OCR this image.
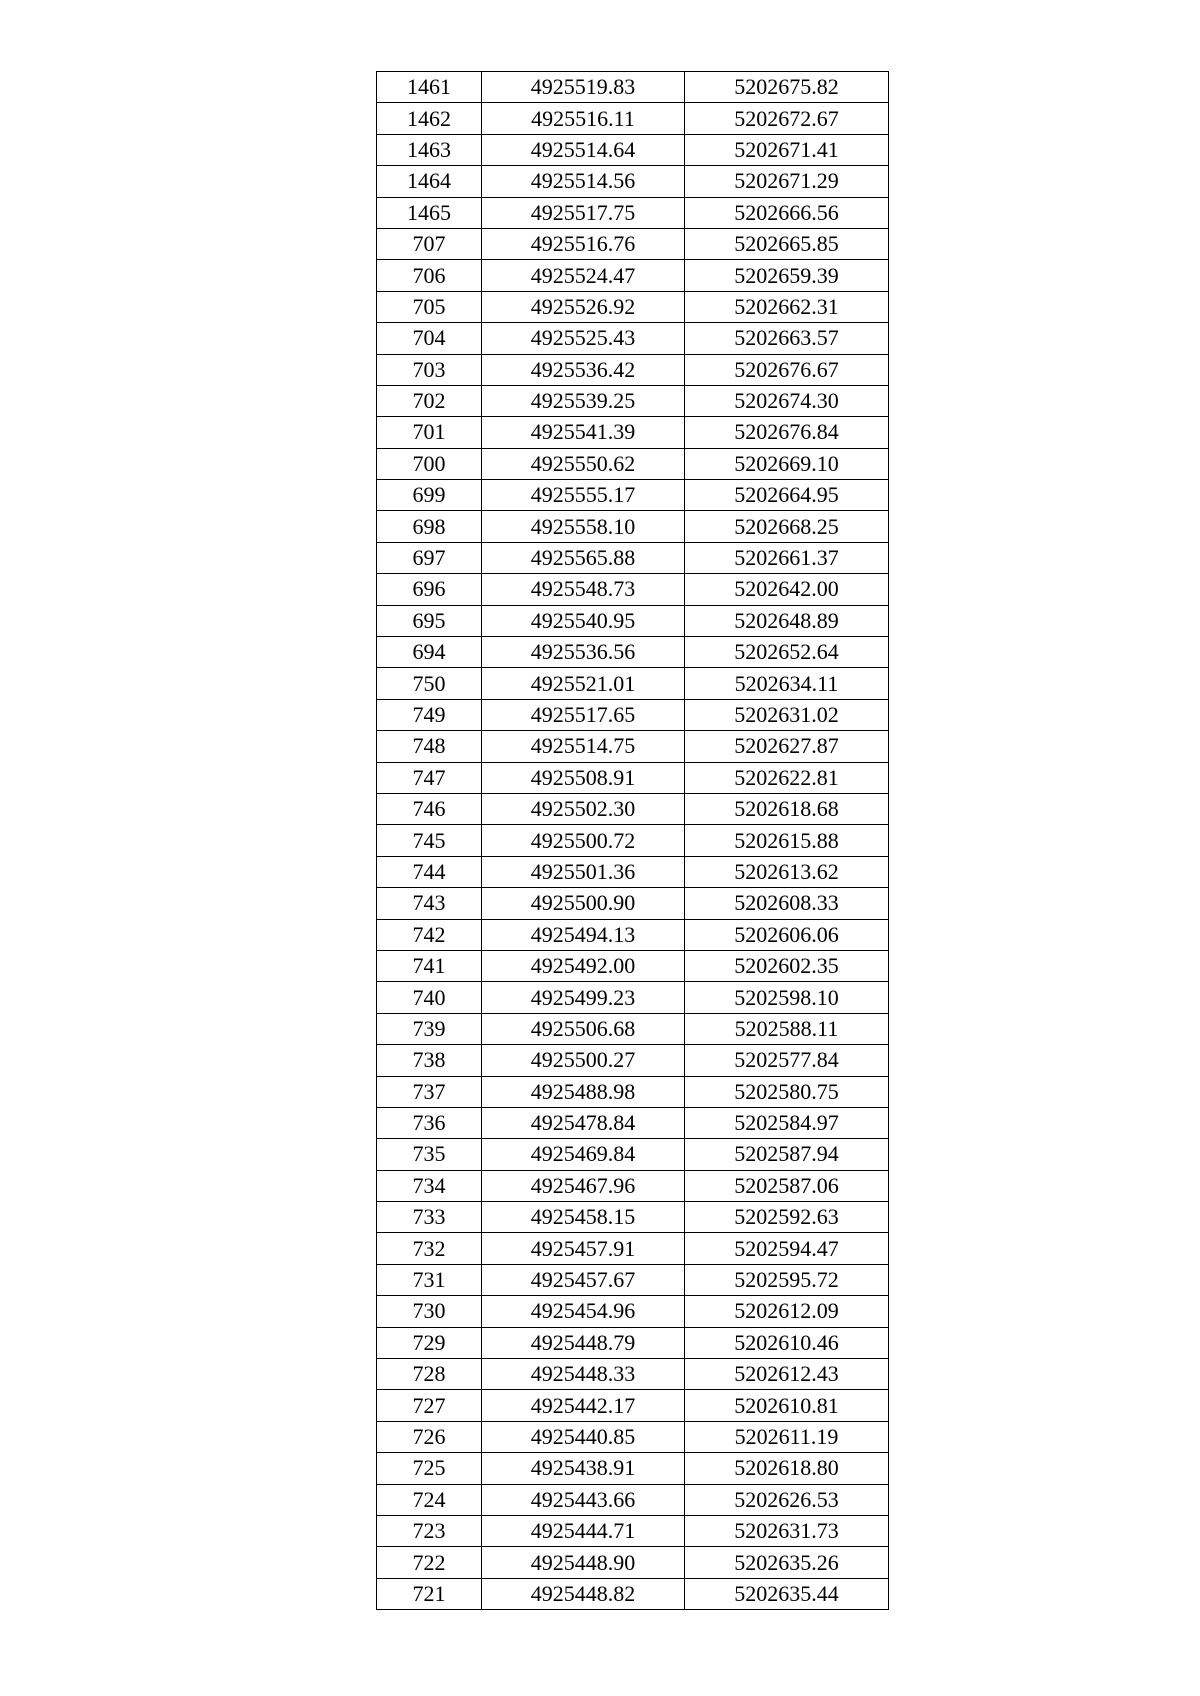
1461	4925519.83	5202675.82
1462	4925516.11	5202672.67
1463	4925514.64	5202671.41
1464	4925514.56	5202671.29
1465	4925517.75	5202666.56
707	4925516.76	5202665.85
706	4925524.47	5202659.39
705	4925526.92	5202662.31
704	4925525.43	5202663.57
703	4925536.42	5202676.67
702	4925539.25	5202674.30
701	4925541.39	5202676.84
700	4925550.62	5202669.10
699	4925555.17	5202664.95
698	4925558.10	5202668.25
697	4925565.88	5202661.37
696	4925548.73	5202642.00
695	4925540.95	5202648.89
694	4925536.56	5202652.64
750	4925521.01	5202634.11
749	4925517.65	5202631.02
748	4925514.75	5202627.87
747	4925508.91	5202622.81
746	4925502.30	5202618.68
745	4925500.72	5202615.88
744	4925501.36	5202613.62
743	4925500.90	5202608.33
742	4925494.13	5202606.06
741	4925492.00	5202602.35
740	4925499.23	5202598.10
739	4925506.68	5202588.11
738	4925500.27	5202577.84
737	4925488.98	5202580.75
736	4925478.84	5202584.97
735	4925469.84	5202587.94
734	4925467.96	5202587.06
733	4925458.15	5202592.63
732	4925457.91	5202594.47
731	4925457.67	5202595.72
730	4925454.96	5202612.09
729	4925448.79	5202610.46
728	4925448.33	5202612.43
727	4925442.17	5202610.81
726	4925440.85	5202611.19
725	4925438.91	5202618.80
724	4925443.66	5202626.53
723	4925444.71	5202631.73
722	4925448.90	5202635.26
721	4925448.82	5202635.44
